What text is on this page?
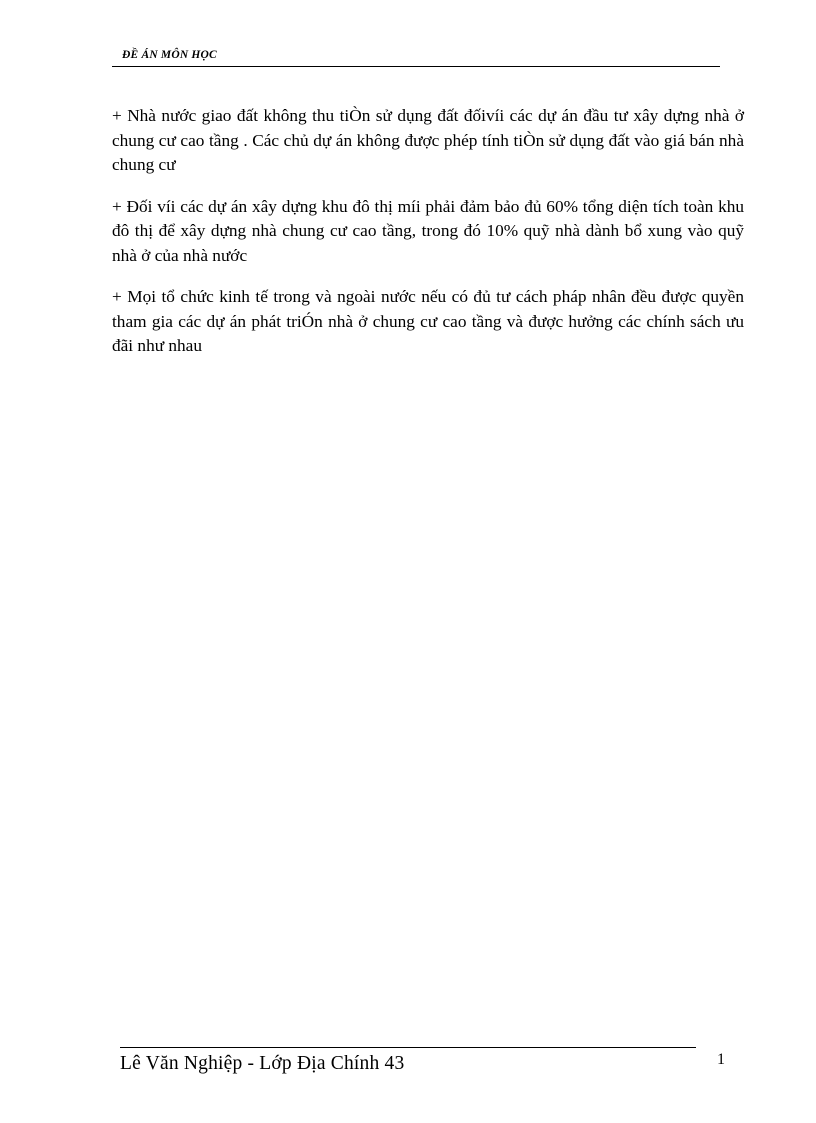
ĐỀ ÁN MÔN HỌC

+ Nhà nước giao đất không thu tiÒn sử dụng đất đốivíi các dự án đầu tư xây dựng nhà ở chung cư cao tầng . Các chủ dự án không được phép tính tiÒn sử dụng đất vào giá bán nhà chung cư

+ Đối víi các dự án xây dựng khu đô thị míi phải đảm bảo đủ 60% tổng diện tích toàn khu đô thị để xây dựng nhà chung cư cao tầng, trong đó 10% quỹ nhà dành bổ xung vào quỹ nhà ở của nhà nước

+ Mọi tổ chức kinh tế trong và ngoài nước nếu có đủ tư cách pháp nhân đều được quyền tham gia các dự án phát triÓn nhà ở chung cư cao tầng và được hưởng các chính sách ưu đãi như nhau

Lê Văn Nghiệp - Lớp Địa Chính 43	1
